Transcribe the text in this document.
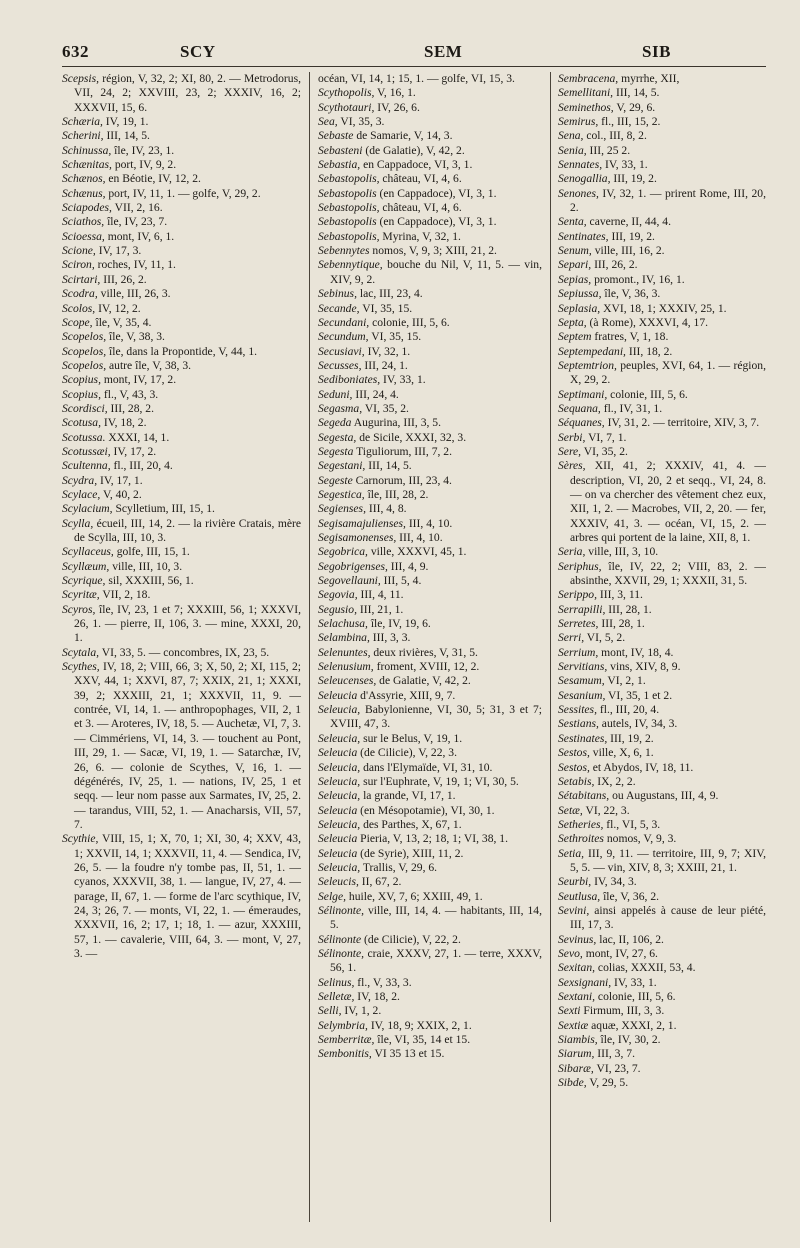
632	SCY	SEM	SIB

Scepsis, région, V, 32, 2; XI, 80, 2. — Metrodorus, VII, 24, 2; XXVIII, 23, 2; XXXIV, 16, 2; XXXVII, 15, 6.

Schæria, IV, 19, 1.

Scherini, III, 14, 5.

Schinussa, île, IV, 23, 1.

Schænitas, port, IV, 9, 2.

Schænos, en Béotie, IV, 12, 2.

Schænus, port, IV, 11, 1. — golfe, V, 29, 2.

Sciapodes, VII, 2, 16.

Sciathos, île, IV, 23, 7.

Scioessa, mont, IV, 6, 1.

Scione, IV, 17, 3.

Sciron, roches, IV, 11, 1.

Scirtari, III, 26, 2.

Scodra, ville, III, 26, 3.

Scolos, IV, 12, 2.

Scope, île, V, 35, 4.

Scopelos, île, V, 38, 3.

Scopelos, île, dans la Propontide, V, 44, 1.

Scopelos, autre île, V, 38, 3.

Scopius, mont, IV, 17, 2.

Scopius, fl., V, 43, 3.

Scordisci, III, 28, 2.

Scotusa, IV, 18, 2.

Scotussa. XXXI, 14, 1.

Scotussæi, IV, 17, 2.

Scultenna, fl., III, 20, 4.

Scydra, IV, 17, 1.

Scylace, V, 40, 2.

Scylacium, Scylletium, III, 15, 1.

Scylla, écueil, III, 14, 2. — la rivière Cratais, mère de Scylla, III, 10, 3.

Scyllaceus, golfe, III, 15, 1.

Scyllæum, ville, III, 10, 3.

Scyrique, sil, XXXIII, 56, 1.

Scyritæ, VII, 2, 18.

Scyros, île, IV, 23, 1 et 7; XXXIII, 56, 1; XXXVI, 26, 1. — pierre, II, 106, 3. — mine, XXXI, 20, 1.

Scytala, VI, 33, 5. — concombres, IX, 23, 5.

Scythes, IV, 18, 2; VIII, 66, 3; X, 50, 2; XI, 115, 2; XXV, 44, 1; XXVI, 87, 7; XXIX, 21, 1; XXXI, 39, 2; XXXIII, 21, 1; XXXVII, 11, 9. — contrée, VI, 14, 1. — anthropophages, VII, 2, 1 et 3. — Aroteres, IV, 18, 5. — Auchetæ, VI, 7, 3. — Cimmériens, VI, 14, 3. — touchent au Pont, III, 29, 1. — Sacæ, VI, 19, 1. — Satarchæ, IV, 26, 6. — colonie de Scythes, V, 16, 1. — dégénérés, IV, 25, 1. — nations, IV, 25, 1 et seqq. — leur nom passe aux Sarmates, IV, 25, 2. — tarandus, VIII, 52, 1. — Anacharsis, VII, 57, 7.

Scythie, VIII, 15, 1; X, 70, 1; XI, 30, 4; XXV, 43, 1; XXVII, 14, 1; XXXVII, 11, 4. — Sendica, IV, 26, 5. — la foudre n'y tombe pas, II, 51, 1. — cyanos, XXXVII, 38, 1. — langue, IV, 27, 4. — parage, II, 67, 1. — forme de l'arc scythique, IV, 24, 3; 26, 7. — monts, VI, 22, 1. — émeraudes, XXXVII, 16, 2; 17, 1; 18, 1. — azur, XXXIII, 57, 1. — cavalerie, VIII, 64, 3. — mont, V, 27, 3. —

océan, VI, 14, 1; 15, 1. — golfe, VI, 15, 3.

Scythopolis, V, 16, 1.

Scythotauri, IV, 26, 6.

Sea, VI, 35, 3.

Sebaste de Samarie, V, 14, 3.

Sebasteni (de Galatie), V, 42, 2.

Sebastia, en Cappadoce, VI, 3, 1.

Sebastopolis, château, VI, 4, 6.

Sebastopolis (en Cappadoce), VI, 3, 1.

Sebastopolis, château, VI, 4, 6.

Sebastopolis (en Cappadoce), VI, 3, 1.

Sebastopolis, Myrina, V, 32, 1.

Sebennytes nomos, V, 9, 3; XIII, 21, 2.

Sebennytique, bouche du Nil, V, 11, 5. — vin, XIV, 9, 2.

Sebinus, lac, III, 23, 4.

Secande, VI, 35, 15.

Secundani, colonie, III, 5, 6.

Secundum, VI, 35, 15.

Secusiavi, IV, 32, 1.

Secusses, III, 24, 1.

Sediboniates, IV, 33, 1.

Seduni, III, 24, 4.

Segasma, VI, 35, 2.

Segeda Augurina, III, 3, 5.

Segesta, de Sicile, XXXI, 32, 3.

Segesta Tiguliorum, III, 7, 2.

Segestani, III, 14, 5.

Segeste Carnorum, III, 23, 4.

Segestica, île, III, 28, 2.

Segienses, III, 4, 8.

Segisamajulienses, III, 4, 10.

Segisamonenses, III, 4, 10.

Segobrica, ville, XXXVI, 45, 1.

Segobrigenses, III, 4, 9.

Segovellauni, III, 5, 4.

Segovia, III, 4, 11.

Segusio, III, 21, 1.

Selachusa, île, IV, 19, 6.

Selambina, III, 3, 3.

Selenuntes, deux rivières, V, 31, 5.

Selenusium, froment, XVIII, 12, 2.

Seleucenses, de Galatie, V, 42, 2.

Seleucia d'Assyrie, XIII, 9, 7.

Seleucia, Babylonienne, VI, 30, 5; 31, 3 et 7; XVIII, 47, 3.

Seleucia, sur le Belus, V, 19, 1.

Seleucia (de Cilicie), V, 22, 3.

Seleucia, dans l'Elymaïde, VI, 31, 10.

Seleucia, sur l'Euphrate, V, 19, 1; VI, 30, 5.

Seleucia, la grande, VI, 17, 1.

Seleucia (en Mésopotamie), VI, 30, 1.

Seleucia, des Parthes, X, 67, 1.

Seleucia Pieria, V, 13, 2; 18, 1; VI, 38, 1.

Seleucia (de Syrie), XIII, 11, 2.

Seleucia, Trallis, V, 29, 6.

Seleucis, II, 67, 2.

Selge, huile, XV, 7, 6; XXIII, 49, 1.

Sélinonte, ville, III, 14, 4. — habitants, III, 14, 5.

Sélinonte (de Cilicie), V, 22, 2.

Sélinonte, craie, XXXV, 27, 1. — terre, XXXV, 56, 1.

Selinus, fl., V, 33, 3.

Selletæ, IV, 18, 2.

Selli, IV, 1, 2.

Selymbria, IV, 18, 9; XXIX, 2, 1.

Semberritæ, île, VI, 35, 14 et 15.

Sembonitis, VI 35 13 et 15.

Sembracena, myrrhe, XII,

Semellitani, III, 14, 5.

Seminethos, V, 29, 6.

Semirus, fl., III, 15, 2.

Sena, col., III, 8, 2.

Senia, III, 25 2.

Sennates, IV, 33, 1.

Senogallia, III, 19, 2.

Senones, IV, 32, 1. — prirent Rome, III, 20, 2.

Senta, caverne, II, 44, 4.

Sentinates, III, 19, 2.

Senum, ville, III, 16, 2.

Separi, III, 26, 2.

Sepias, promont., IV, 16, 1.

Sepiussa, île, V, 36, 3.

Seplasia, XVI, 18, 1; XXXIV, 25, 1.

Septa, (à Rome), XXXVI, 4, 17.

Septem fratres, V, 1, 18.

Septempedani, III, 18, 2.

Septemtrion, peuples, XVI, 64, 1. — région, X, 29, 2.

Septimani, colonie, III, 5, 6.

Sequana, fl., IV, 31, 1.

Séquanes, IV, 31, 2. — territoire, XIV, 3, 7.

Serbi, VI, 7, 1.

Sere, VI, 35, 2.

Sères, XII, 41, 2; XXXIV, 41, 4. — description, VI, 20, 2 et seqq., VI, 24, 8. — on va chercher des vêtement chez eux, XII, 1, 2. — Macrobes, VII, 2, 20. — fer, XXXIV, 41, 3. — océan, VI, 15, 2. — arbres qui portent de la laine, XII, 8, 1.

Seria, ville, III, 3, 10.

Seriphus, île, IV, 22, 2; VIII, 83, 2. — absinthe, XXVII, 29, 1; XXXII, 31, 5.

Serippo, III, 3, 11.

Serrapilli, III, 28, 1.

Serretes, III, 28, 1.

Serri, VI, 5, 2.

Serrium, mont, IV, 18, 4.

Servitians, vins, XIV, 8, 9.

Sesamum, VI, 2, 1.

Sesanium, VI, 35, 1 et 2.

Sessites, fl., III, 20, 4.

Sestians, autels, IV, 34, 3.

Sestinates, III, 19, 2.

Sestos, ville, X, 6, 1.

Sestos, et Abydos, IV, 18, 11.

Setabis, IX, 2, 2.

Sétabitans, ou Augustans, III, 4, 9.

Setæ, VI, 22, 3.

Setheries, fl., VI, 5, 3.

Sethroites nomos, V, 9, 3.

Setia, III, 9, 11. — territoire, III, 9, 7; XIV, 5, 5. — vin, XIV, 8, 3; XXIII, 21, 1.

Seurbi, IV, 34, 3.

Seutlusa, île, V, 36, 2.

Sevini, ainsi appelés à cause de leur piété, III, 17, 3.

Sevinus, lac, II, 106, 2.

Sevo, mont, IV, 27, 6.

Sexitan, colias, XXXII, 53, 4.

Sexsignani, IV, 33, 1.

Sextani, colonie, III, 5, 6.

Sexti Firmum, III, 3, 3.

Sextiæ aquæ, XXXI, 2, 1.

Siambis, île, IV, 30, 2.

Siarum, III, 3, 7.

Sibaræ, VI, 23, 7.

Sibde, V, 29, 5.
